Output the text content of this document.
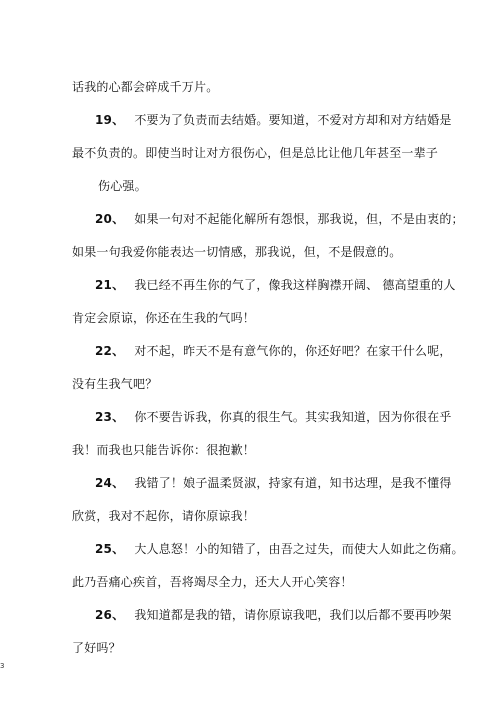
话我的心都会碎成千万片。
19、 不要为了负责而去结婚。要知道，不爱对方却和对方结婚是
最不负责的。即使当时让对方很伤心，但是总比让他几年甚至一辈子
伤心强。
20、 如果一句对不起能化解所有怨恨，那我说，但，不是由衷的；
如果一句我爱你能表达一切情感，那我说，但，不是假意的。
21、 我已经不再生你的气了，像我这样胸襟开阔、 德高望重的人
肯定会原谅，你还在生我的气吗！
22、 对不起，昨天不是有意气你的，你还好吧？在家干什么呢，
没有生我气吧？
23、 你不要告诉我，你真的很生气。其实我知道，因为你很在乎
我！而我也只能告诉你：很抱歉！
24、 我错了！娘子温柔贤淑，持家有道，知书达理，是我不懂得
欣赏，我对不起你，请你原谅我！
25、 大人息怒！小的知错了，由吾之过失，而使大人如此之伤痛。
此乃吾痛心疾首，吾将竭尽全力，还大人开心笑容！
26、 我知道都是我的错，请你原谅我吧，我们以后都不要再吵架
了好吗？
3
